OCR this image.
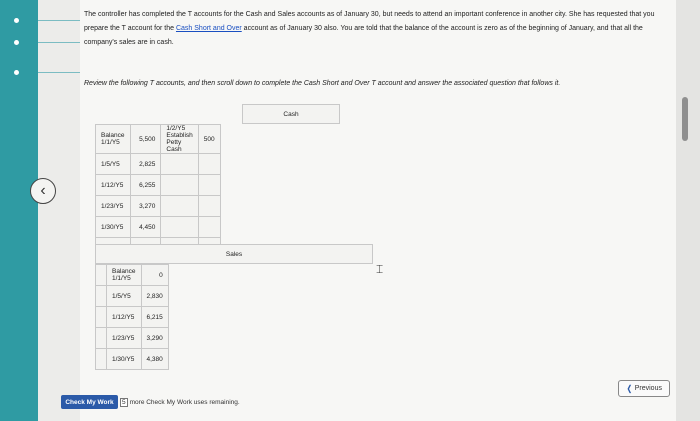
The controller has completed the T accounts for the Cash and Sales accounts as of January 30, but needs to attend an important conference in another city. She has requested that you
prepare the T account for the Cash Short and Over account as of January 30 also. You are told that the balance of the account is zero as of the beginning of January, and that all the
company's sales are in cash.
Review the following T accounts, and then scroll down to complete the Cash Short and Over T account and answer the associated question that follows it.
Cash
Balance 1/1/Y5	5,500	1/2/Y5 Establish Petty Cash	500
1/5/Y5	2,825		
1/12/Y5	6,255		
1/23/Y5	3,270		
1/30/Y5	4,450		

Sales
	Balance 1/1/Y5	0
	1/5/Y5	2,830
	1/12/Y5	6,215
	1/23/Y5	3,290
	1/30/Y5	4,380
⌶
Check My Work	5 more Check My Work uses remaining.
‹
❬ Previous
